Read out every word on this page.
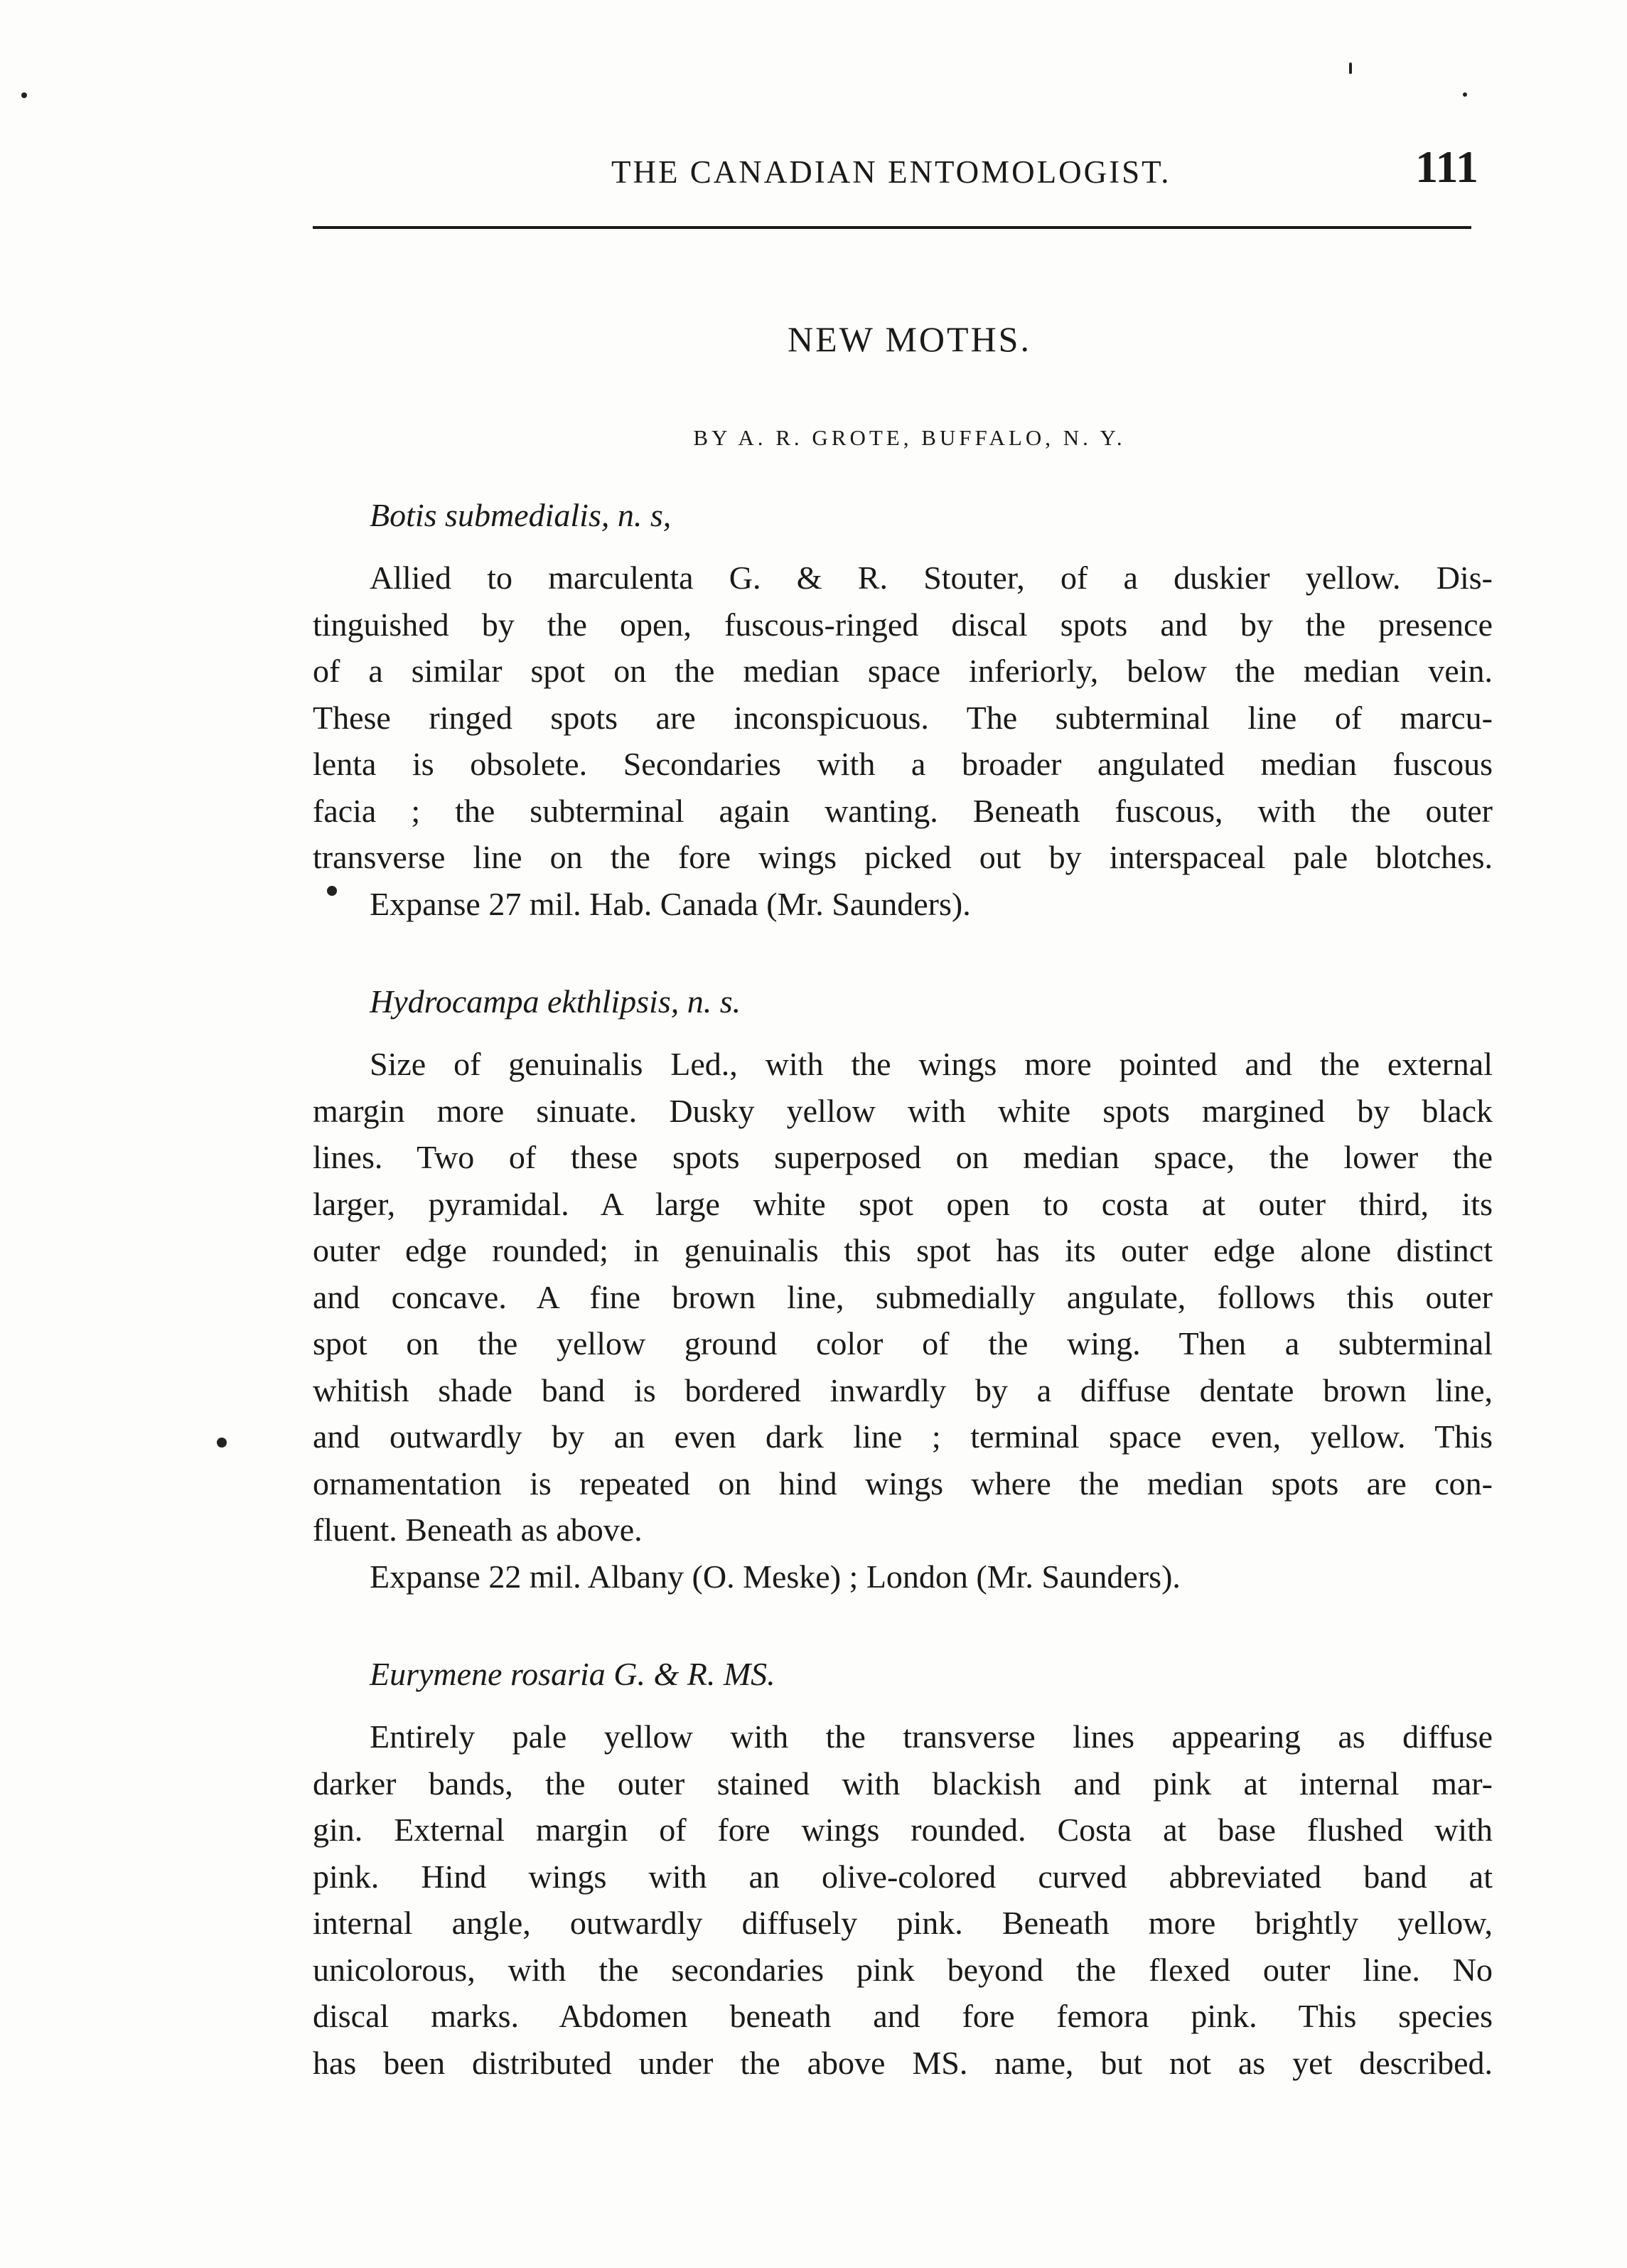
THE CANADIAN ENTOMOLOGIST.	111
NEW MOTHS.
BY A. R. GROTE, BUFFALO, N. Y.
Botis submedialis, n. s,
Allied to marculenta G. & R. Stouter, of a duskier yellow. Dis-
tinguished by the open, fuscous-ringed discal spots and by the presence
of a similar spot on the median space inferiorly, below the median vein.
These ringed spots are inconspicuous. The subterminal line of marcu-
lenta is obsolete. Secondaries with a broader angulated median fuscous
facia ; the subterminal again wanting. Beneath fuscous, with the outer
transverse line on the fore wings picked out by interspaceal pale blotches.
Expanse 27 mil. Hab. Canada (Mr. Saunders).
Hydrocampa ekthlipsis, n. s.
Size of genuinalis Led., with the wings more pointed and the external
margin more sinuate. Dusky yellow with white spots margined by black
lines. Two of these spots superposed on median space, the lower the
larger, pyramidal. A large white spot open to costa at outer third, its
outer edge rounded; in genuinalis this spot has its outer edge alone distinct
and concave. A fine brown line, submedially angulate, follows this outer
spot on the yellow ground color of the wing. Then a subterminal
whitish shade band is bordered inwardly by a diffuse dentate brown line,
and outwardly by an even dark line ; terminal space even, yellow. This
ornamentation is repeated on hind wings where the median spots are con-
fluent. Beneath as above.
Expanse 22 mil. Albany (O. Meske) ; London (Mr. Saunders).
Eurymene rosaria G. & R. MS.
Entirely pale yellow with the transverse lines appearing as diffuse
darker bands, the outer stained with blackish and pink at internal mar-
gin. External margin of fore wings rounded. Costa at base flushed with
pink. Hind wings with an olive-colored curved abbreviated band at
internal angle, outwardly diffusely pink. Beneath more brightly yellow,
unicolorous, with the secondaries pink beyond the flexed outer line. No
discal marks. Abdomen beneath and fore femora pink. This species
has been distributed under the above MS. name, but not as yet described.
